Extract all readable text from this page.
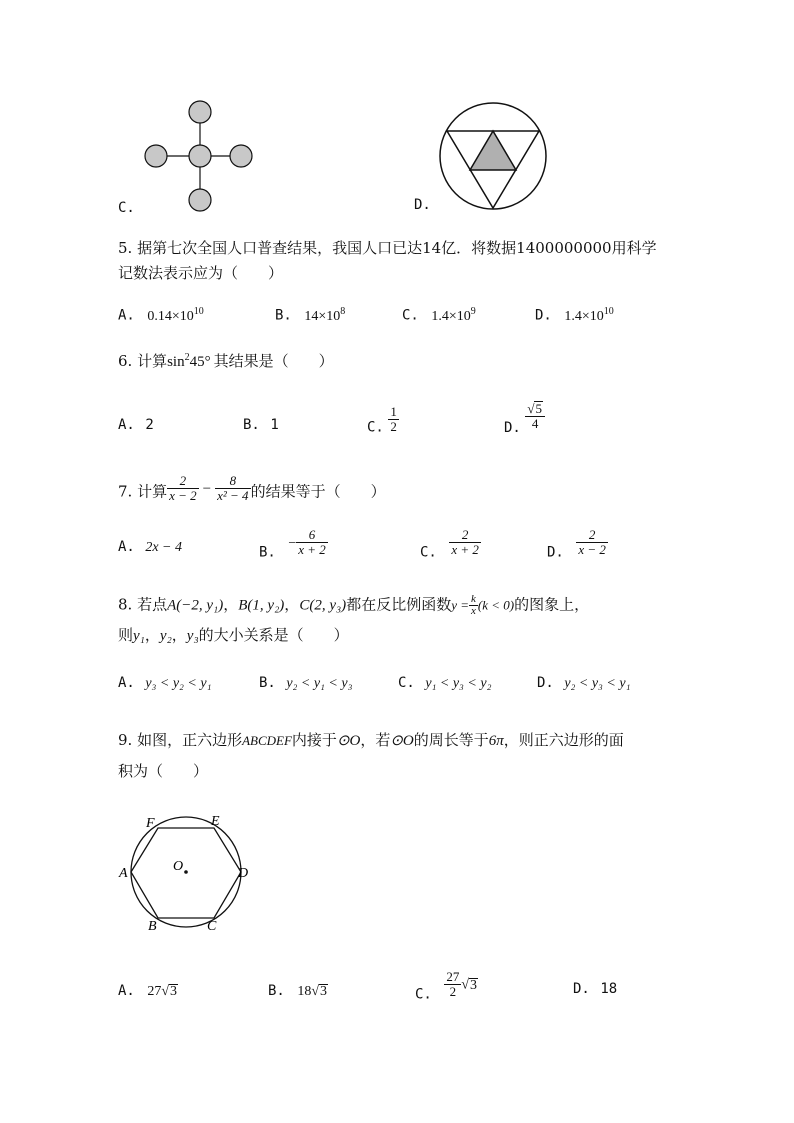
C.	D.
5. 据第七次全国人口普查结果，我国人口已达14亿．将数据1400000000用科学
记数法表示应为（　　）
A. $0.14\times 10^{10}$	B. $14\times 10^8$	C. $1.4\times 10^9$	D. $1.4\times 10^{10}$
6. 计算$\sin^245^\circ$ 其结果是（　　）
A. 2	B. 1	C. $\frac{1}{2}$	D. $\frac{√5}{4}$
7. 计算 $\frac{2}{x - 2} - \frac{8}{\text{x² − 4}}$ 的结果等于（　　）
A. 2x − 4	B. − $\frac{6}{x + 2}$	C. $\frac{2}{x + 2}$	D. $\frac{2}{x - 2}$
8. 若点A(−2, y₁)，B(1, y₂)，C(2, y₃)都在反比例函数$y = \frac{k}{x} (k < 0)$的图象上，
则y₁，y₂，y₃的大小关系是（　　）
A. y₃ < y₂ < y₁	B. y₂ < y₁ < y₃	C. y₁ < y₃ < y₂	D. y₂ < y₃ < y₁
9. 如图，正六边形ABCDEF内接于⊙O，若⊙O的周长等于6π，则正六边形的面
积为（　　）
F	E
A	D
B	C
O
A. 27√3	B. 18√3	C. $\frac{27}{2} √3$	D. 18
